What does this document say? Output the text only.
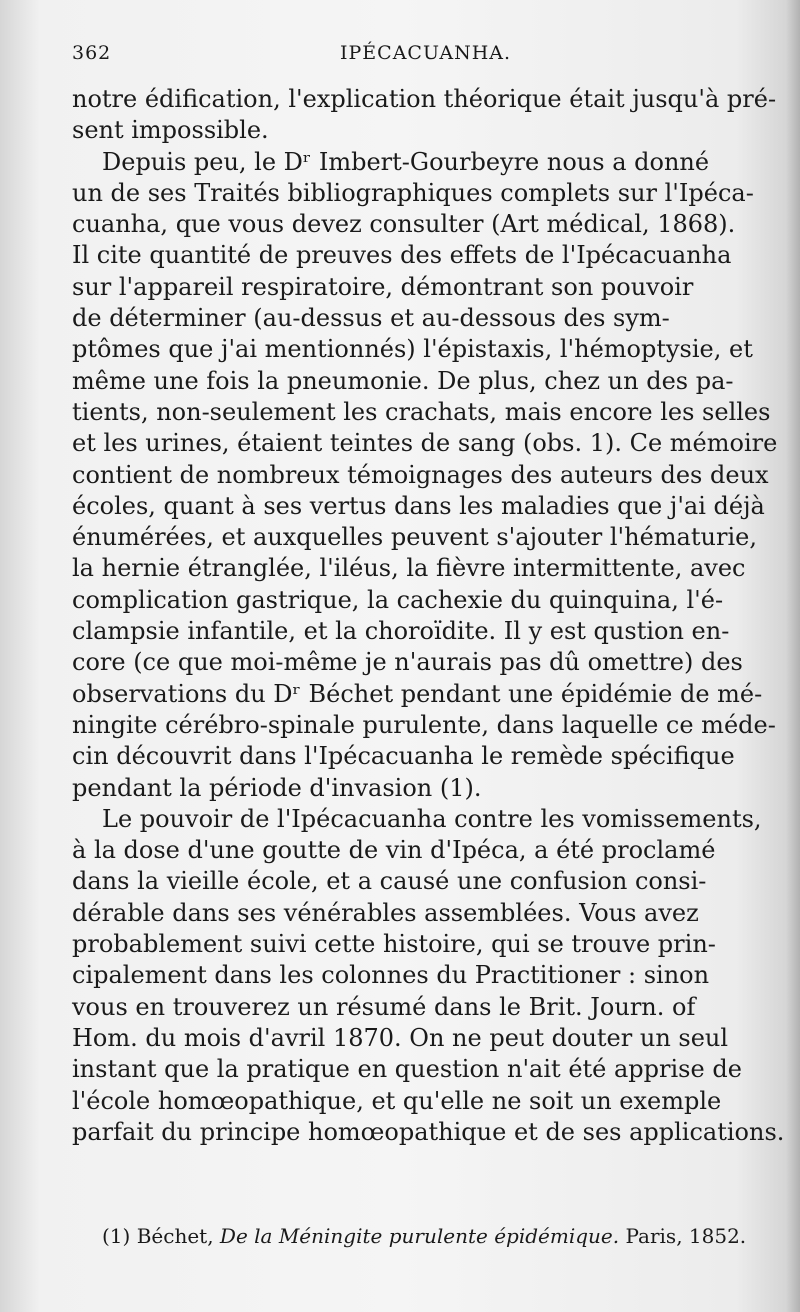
362	IPÉCACUANHA.
notre édification, l'explication théorique était jusqu'à pré-
sent impossible.
Depuis peu, le Dʳ Imbert-Gourbeyre nous a donné
un de ses Traités bibliographiques complets sur l'Ipéca-
cuanha, que vous devez consulter (Art médical, 1868).
Il cite quantité de preuves des effets de l'Ipécacuanha
sur l'appareil respiratoire, démontrant son pouvoir
de déterminer (au-dessus et au-dessous des sym-
ptômes que j'ai mentionnés) l'épistaxis, l'hémoptysie, et
même une fois la pneumonie. De plus, chez un des pa-
tients, non-seulement les crachats, mais encore les selles
et les urines, étaient teintes de sang (obs. 1). Ce mémoire
contient de nombreux témoignages des auteurs des deux
écoles, quant à ses vertus dans les maladies que j'ai déjà
énumérées, et auxquelles peuvent s'ajouter l'hématurie,
la hernie étranglée, l'iléus, la fièvre intermittente, avec
complication gastrique, la cachexie du quinquina, l'é-
clampsie infantile, et la choroïdite. Il y est qustion en-
core (ce que moi-même je n'aurais pas dû omettre) des
observations du Dʳ Béchet pendant une épidémie de mé-
ningite cérébro-spinale purulente, dans laquelle ce méde-
cin découvrit dans l'Ipécacuanha le remède spécifique
pendant la période d'invasion (1).
Le pouvoir de l'Ipécacuanha contre les vomissements,
à la dose d'une goutte de vin d'Ipéca, a été proclamé
dans la vieille école, et a causé une confusion consi-
dérable dans ses vénérables assemblées. Vous avez
probablement suivi cette histoire, qui se trouve prin-
cipalement dans les colonnes du Practitioner : sinon
vous en trouverez un résumé dans le Brit. Journ. of
Hom. du mois d'avril 1870. On ne peut douter un seul
instant que la pratique en question n'ait été apprise de
l'école homœopathique, et qu'elle ne soit un exemple
parfait du principe homœopathique et de ses applications.
(1) Béchet, De la Méningite purulente épidémique. Paris, 1852.
